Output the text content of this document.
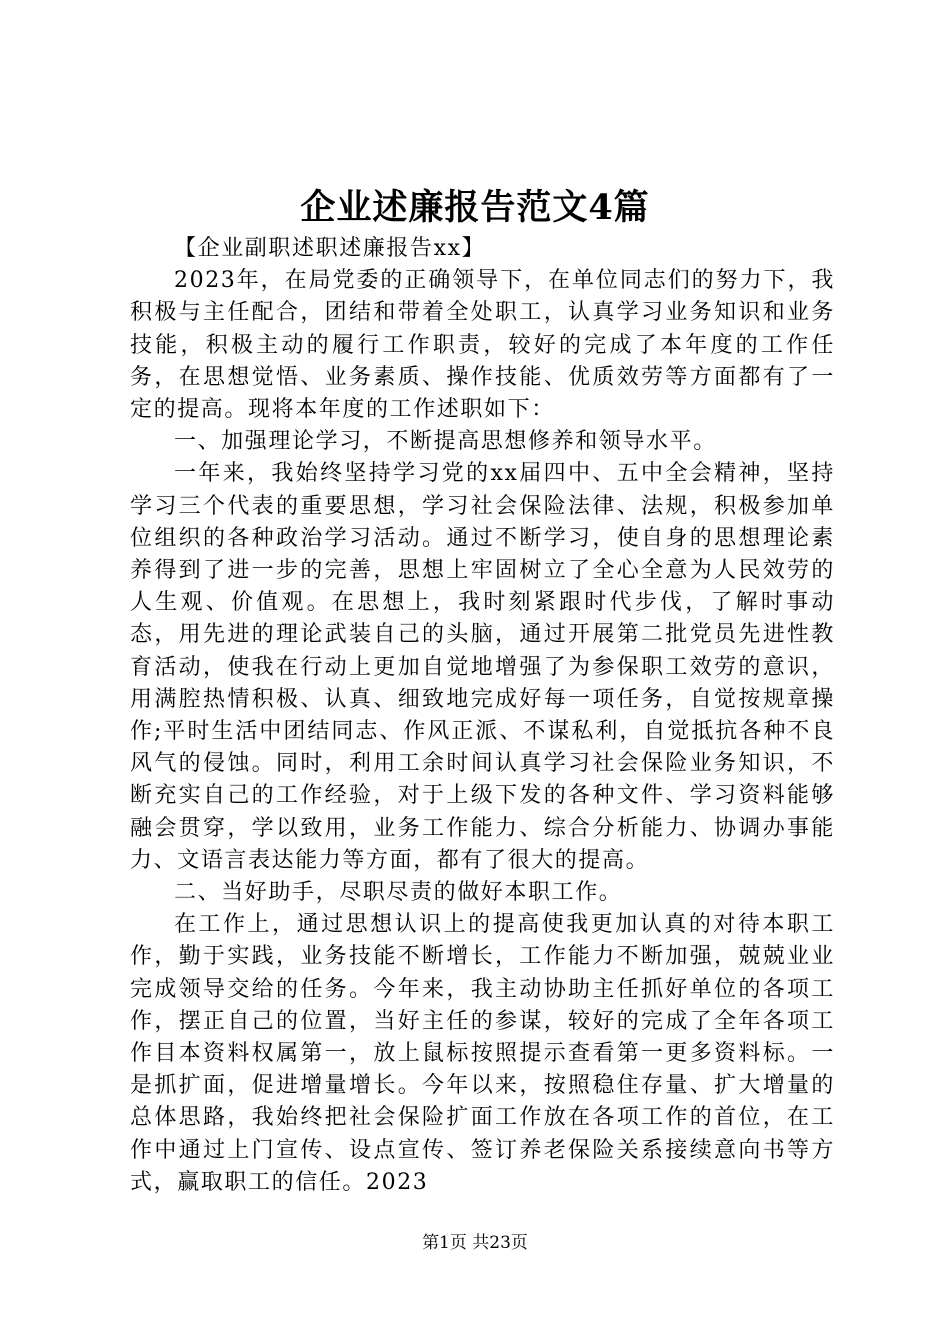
企业述廉报告范文4篇

【企业副职述职述廉报告xx】

2023年，在局党委的正确领导下，在单位同志们的努力下，我积极与主任配合，团结和带着全处职工，认真学习业务知识和业务技能，积极主动的履行工作职责，较好的完成了本年度的工作任务，在思想觉悟、业务素质、操作技能、优质效劳等方面都有了一定的提高。现将本年度的工作述职如下：

一、加强理论学习，不断提高思想修养和领导水平。

一年来，我始终坚持学习党的xx届四中、五中全会精神，坚持学习三个代表的重要思想，学习社会保险法律、法规，积极参加单位组织的各种政治学习活动。通过不断学习，使自身的思想理论素养得到了进一步的完善，思想上牢固树立了全心全意为人民效劳的人生观、价值观。在思想上，我时刻紧跟时代步伐，了解时事动态，用先进的理论武装自己的头脑，通过开展第二批党员先进性教育活动，使我在行动上更加自觉地增强了为参保职工效劳的意识，用满腔热情积极、认真、细致地完成好每一项任务，自觉按规章操作;平时生活中团结同志、作风正派、不谋私利，自觉抵抗各种不良风气的侵蚀。同时，利用工余时间认真学习社会保险业务知识，不断充实自己的工作经验，对于上级下发的各种文件、学习资料能够融会贯穿，学以致用，业务工作能力、综合分析能力、协调办事能力、文语言表达能力等方面，都有了很大的提高。

二、当好助手，尽职尽责的做好本职工作。

在工作上，通过思想认识上的提高使我更加认真的对待本职工作，勤于实践，业务技能不断增长，工作能力不断加强，兢兢业业完成领导交给的任务。今年来，我主动协助主任抓好单位的各项工作，摆正自己的位置，当好主任的参谋，较好的完成了全年各项工作目本资料权属第一，放上鼠标按照提示查看第一更多资料标。一是抓扩面，促进增量增长。今年以来，按照稳住存量、扩大增量的总体思路，我始终把社会保险扩面工作放在各项工作的首位，在工作中通过上门宣传、设点宣传、签订养老保险关系接续意向书等方式，赢取职工的信任。2023

第1页 共23页
